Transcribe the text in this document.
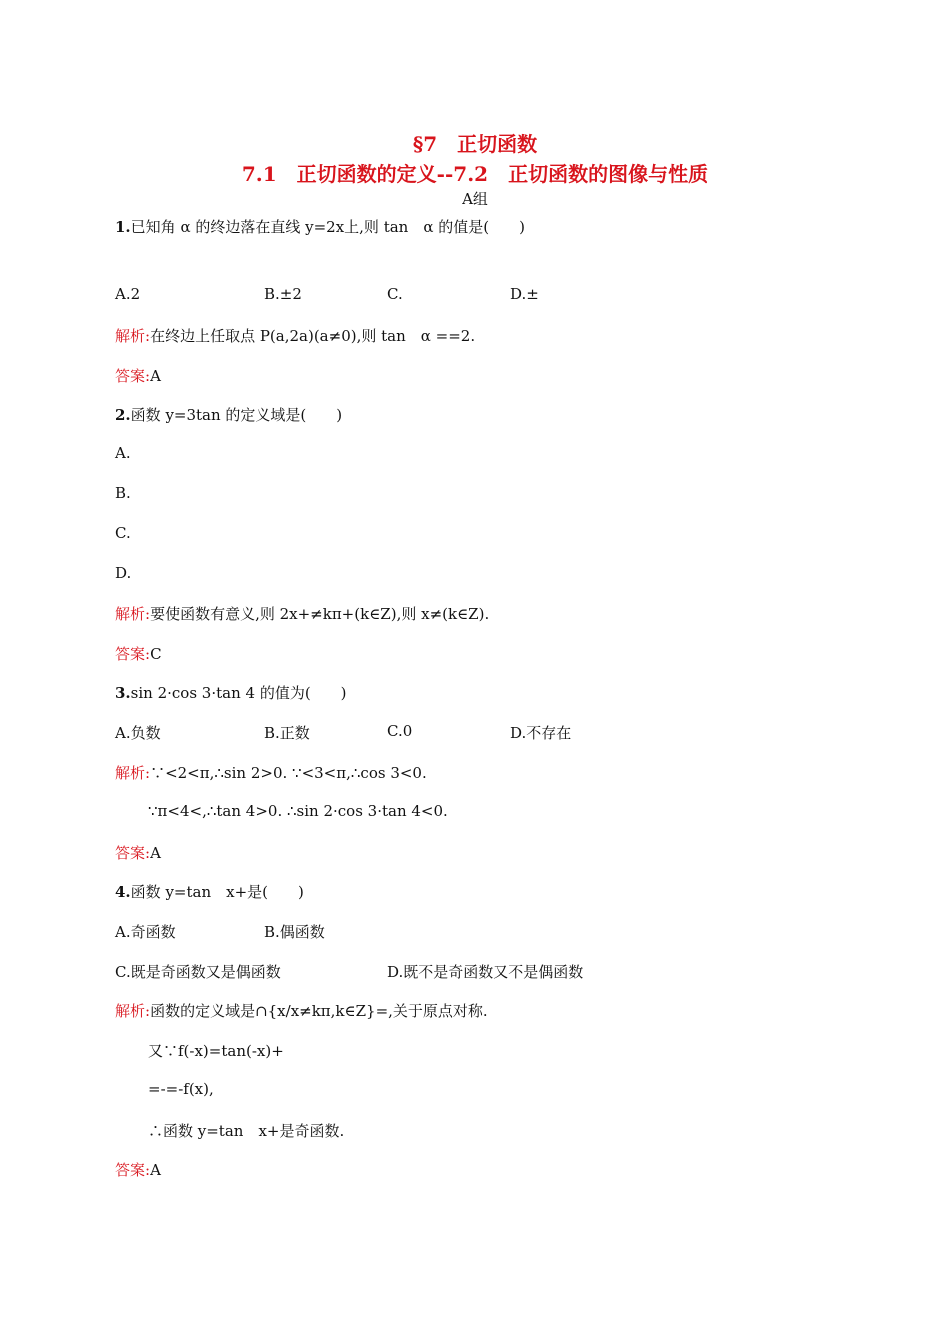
§7　正切函数
7.1　正切函数的定义--7.2　正切函数的图像与性质
A组
1.已知角 α 的终边落在直线 y=2x上,则 tan　α 的值是(　　)
A.2	B.±2	C.	D.±
解析:在终边上任取点 P(a,2a)(a≠0),则 tan　α ==2.
答案:A
2.函数 y=3tan 的定义域是(　　)
A.
B.
C.
D.
解析:要使函数有意义,则 2x+≠kπ+(k∈Z),则 x≠(k∈Z).
答案:C
3.sin 2·cos 3·tan 4 的值为(　　)
A.负数	B.正数	C.0	D.不存在
解析:∵<2<π,∴sin 2>0. ∵<3<π,∴cos 3<0.
∵π<4<,∴tan 4>0. ∴sin 2·cos 3·tan 4<0.
答案:A
4.函数 y=tan　x+是(　　)
A.奇函数	B.偶函数
C.既是奇函数又是偶函数	D.既不是奇函数又不是偶函数
解析:函数的定义域是∩{x/x≠kπ,k∈Z}=,关于原点对称.
又∵f(-x)=tan(-x)+
=-=-f(x),
∴函数 y=tan　x+是奇函数.
答案:A
